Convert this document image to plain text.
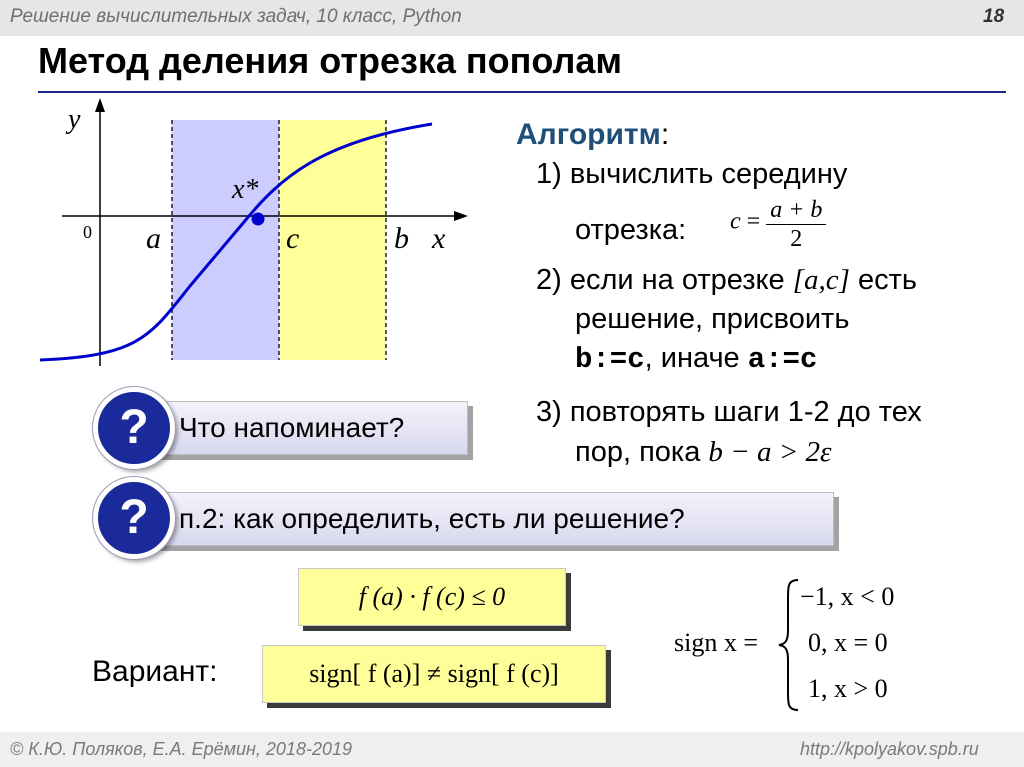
Решение вычислительных задач, 10 класс, Python	18
Метод деления отрезка пополам
y
x
0 a	c	b
x*
Алгоритм:
1) вычислить середину
отрезка: $c = \frac{a + b}{2}$
2) если на отрезке [a,c] есть
решение, присвоить
b:=c, иначе a:=c
3) повторять шаги 1-2 до тех
пор, пока b − a > 2ε
Что напоминает?
?
п.2: как определить, есть ли решение?
?
f (a) · f (c) ≤ 0
Вариант:	sign[ f (a)] ≠ sign[ f (c)]
sign x =
−1, x < 0
0, x = 0
1, x > 0
© К.Ю. Поляков, Е.А. Ерёмин, 2018-2019	http://kpolyakov.spb.ru
